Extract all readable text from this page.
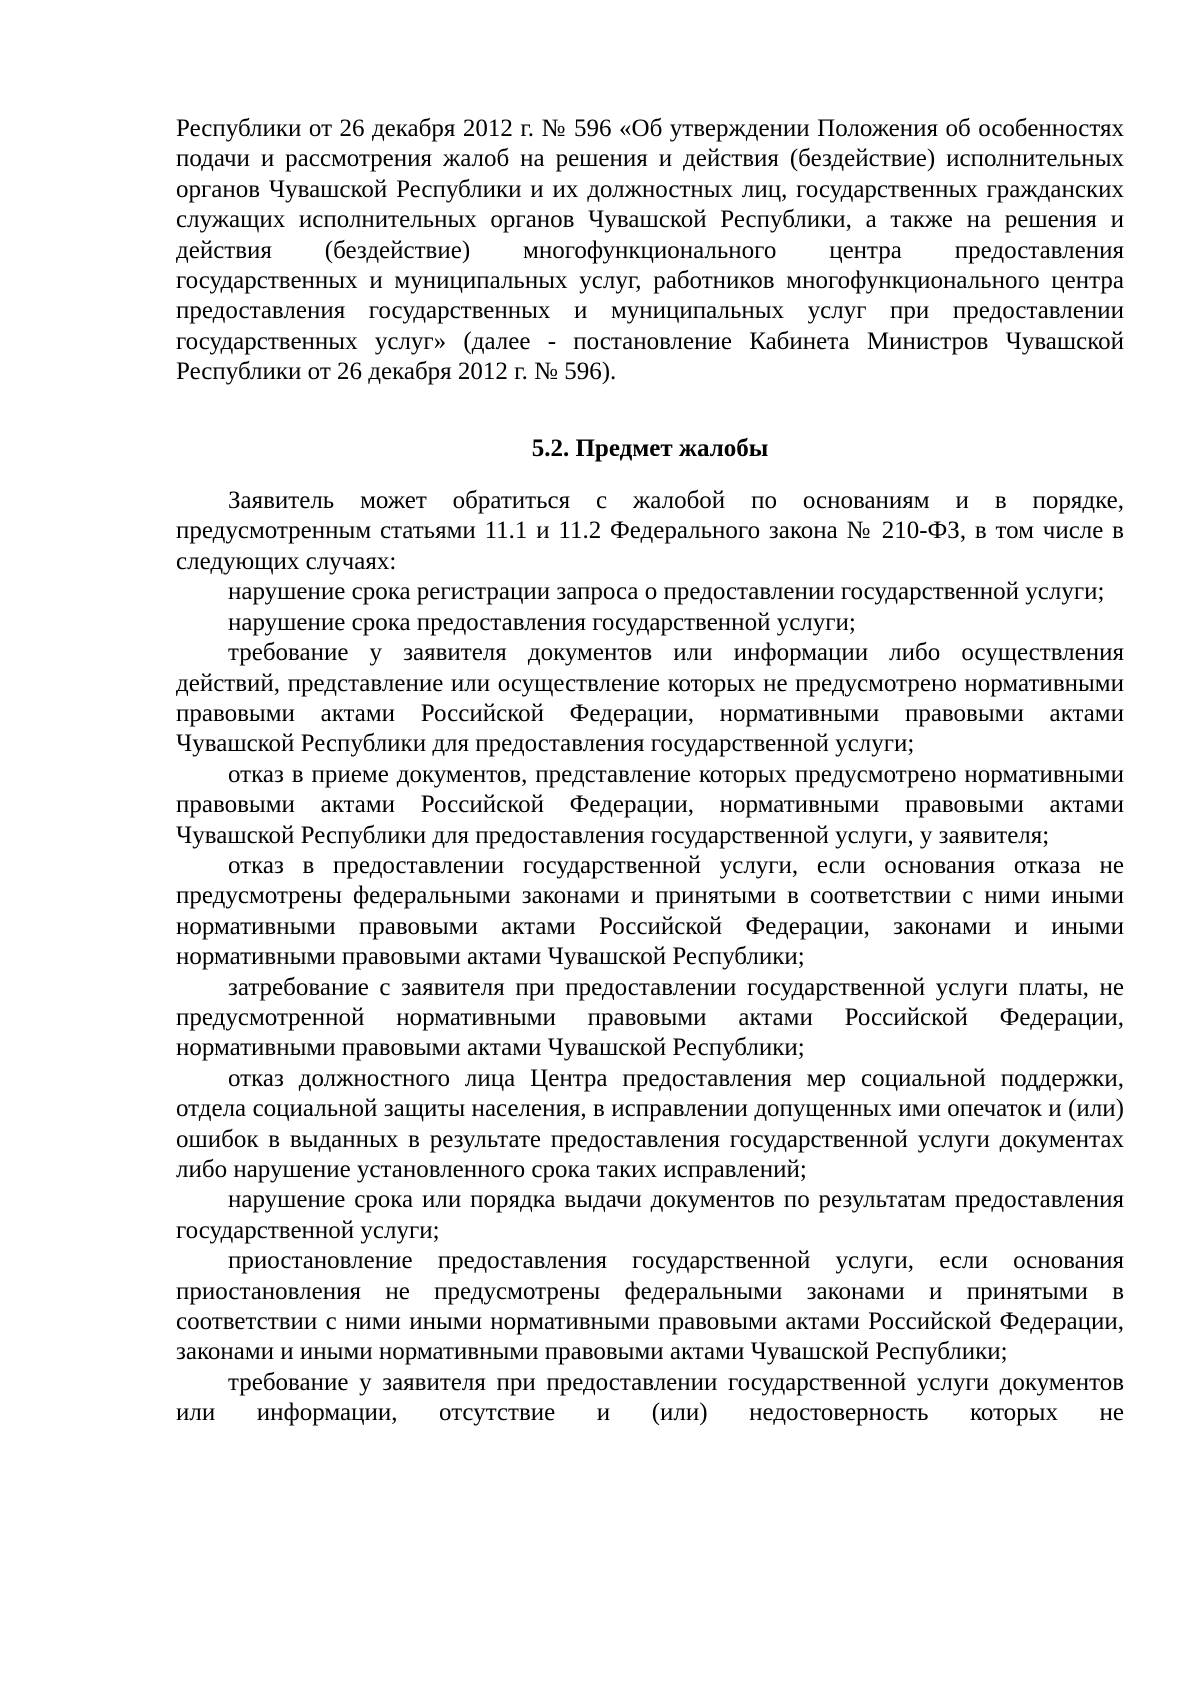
Республики от 26 декабря 2012 г. № 596 «Об утверждении Положения об особенностях подачи и рассмотрения жалоб на решения и действия (бездействие) исполнительных органов Чувашской Республики и их должностных лиц, государственных гражданских служащих исполнительных органов Чувашской Республики, а также на решения и действия (бездействие) многофункционального центра предоставления государственных и муниципальных услуг, работников многофункционального центра предоставления государственных и муниципальных услуг при предоставлении государственных услуг» (далее - постановление Кабинета Министров Чувашской Республики от 26 декабря 2012 г. № 596).

5.2. Предмет жалобы

Заявитель может обратиться с жалобой по основаниям и в порядке, предусмотренным статьями 11.1 и 11.2 Федерального закона № 210-ФЗ, в том числе в следующих случаях:

нарушение срока регистрации запроса о предоставлении государственной услуги;

нарушение срока предоставления государственной услуги;

требование у заявителя документов или информации либо осуществления действий, представление или осуществление которых не предусмотрено нормативными правовыми актами Российской Федерации, нормативными правовыми актами Чувашской Республики для предоставления государственной услуги;

отказ в приеме документов, представление которых предусмотрено нормативными правовыми актами Российской Федерации, нормативными правовыми актами Чувашской Республики для предоставления государственной услуги, у заявителя;

отказ в предоставлении государственной услуги, если основания отказа не предусмотрены федеральными законами и принятыми в соответствии с ними иными нормативными правовыми актами Российской Федерации, законами и иными нормативными правовыми актами Чувашской Республики;

затребование с заявителя при предоставлении государственной услуги платы, не предусмотренной нормативными правовыми актами Российской Федерации, нормативными правовыми актами Чувашской Республики;

отказ должностного лица Центра предоставления мер социальной поддержки, отдела социальной защиты населения, в исправлении допущенных ими опечаток и (или) ошибок в выданных в результате предоставления государственной услуги документах либо нарушение установленного срока таких исправлений;

нарушение срока или порядка выдачи документов по результатам предоставления государственной услуги;

приостановление предоставления государственной услуги, если основания приостановления не предусмотрены федеральными законами и принятыми в соответствии с ними иными нормативными правовыми актами Российской Федерации, законами и иными нормативными правовыми актами Чувашской Республики;

требование у заявителя при предоставлении государственной услуги документов или информации, отсутствие и (или) недостоверность которых не
